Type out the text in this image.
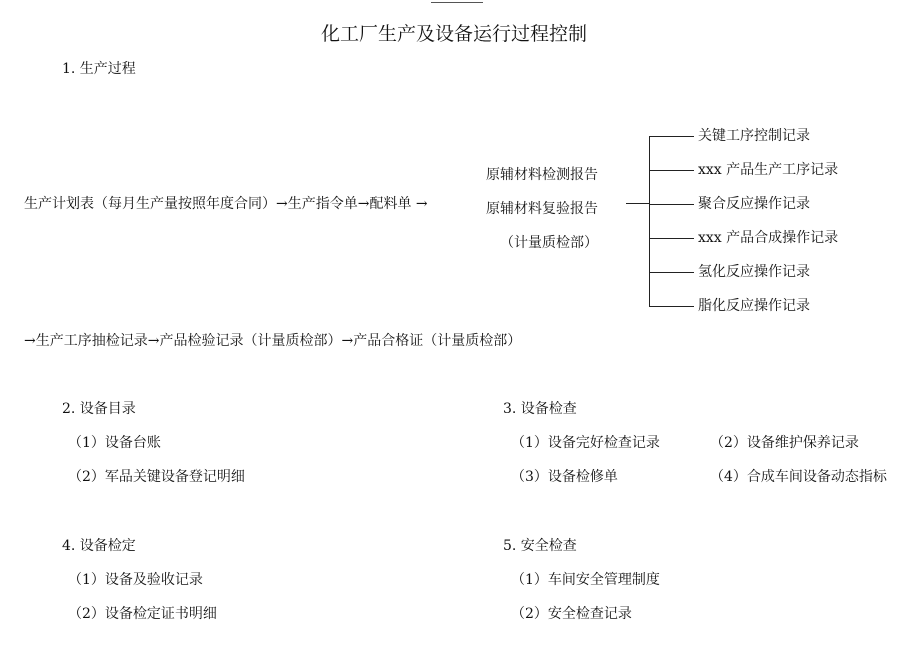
化工厂生产及设备运行过程控制
1. 生产过程
生产计划表（每月生产量按照年度合同）→生产指令单→配料单 →
原辅材料检测报告
原辅材料复验报告
（计量质检部）
关键工序控制记录
xxx 产品生产工序记录
聚合反应操作记录
xxx 产品合成操作记录
氢化反应操作记录
脂化反应操作记录
→生产工序抽检记录→产品检验记录（计量质检部）→产品合格证（计量质检部）
2. 设备目录
（1）设备台账
（2）军品关键设备登记明细
3. 设备检查
（1）设备完好检查记录	（2）设备维护保养记录
（3）设备检修单	（4）合成车间设备动态指标
4. 设备检定
（1）设备及验收记录
（2）设备检定证书明细
5. 安全检查
（1）车间安全管理制度
（2）安全检查记录
